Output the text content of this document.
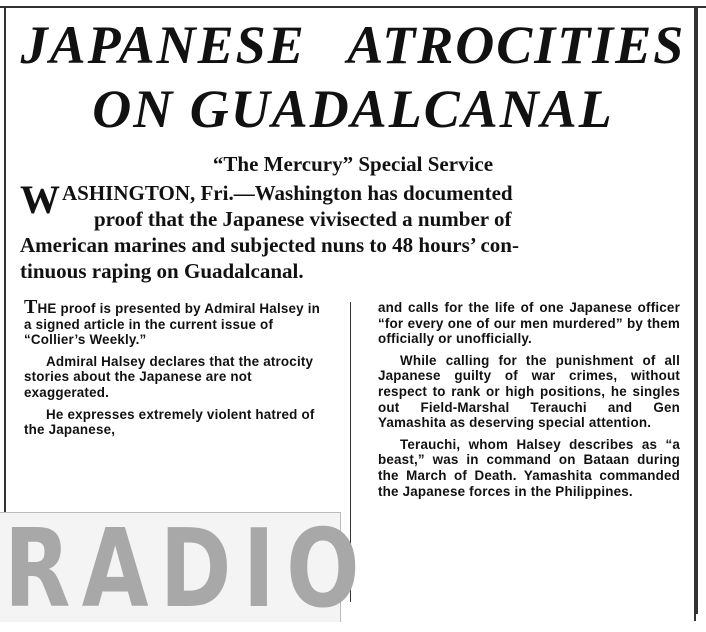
JAPANESE ATROCITIES
ON GUADALCANAL
“The Mercury” Special Service
W ASHINGTON, Fri.—Washington has documented
proof that the Japanese vivisected a number of
American marines and subjected nuns to 48 hours’ con-
tinuous raping on Guadalcanal.

THE proof is presented by Admiral Halsey in a signed article in the current issue of “Collier’s Weekly.”

Admiral Halsey declares that the atrocity stories about the Japanese are not exaggerated.

He expresses extremely violent hatred of the Japanese,

and calls for the life of one Japanese officer “for every one of our men murdered” by them officially or unofficially.

While calling for the punishment of all Japanese guilty of war crimes, without respect to rank or high positions, he singles out Field-Marshal Terauchi and Gen Yamashita as deserving special attention.

Terauchi, whom Halsey describes as “a beast,” was in command on Bataan during the March of Death. Yamashita commanded the Japanese forces in the Philippines.

RADIO
